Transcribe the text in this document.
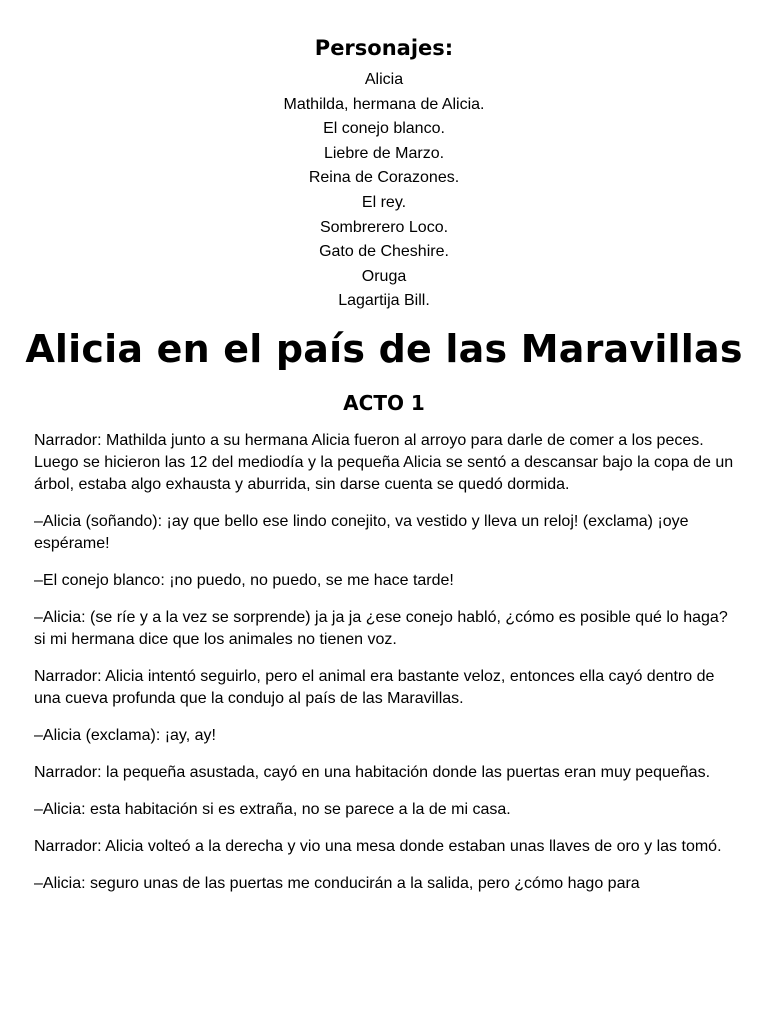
Personajes:
Alicia
Mathilda, hermana de Alicia.
El conejo blanco.
Liebre de Marzo.
Reina de Corazones.
El rey.
Sombrerero Loco.
Gato de Cheshire.
Oruga
Lagartija Bill.
Alicia en el país de las Maravillas
ACTO 1

Narrador: Mathilda junto a su hermana Alicia fueron al arroyo para darle de comer a los peces. Luego se hicieron las 12 del mediodía y la pequeña Alicia se sentó a descansar bajo la copa de un árbol, estaba algo exhausta y aburrida, sin darse cuenta se quedó dormida.

–Alicia (soñando): ¡ay que bello ese lindo conejito, va vestido y lleva un reloj! (exclama) ¡oye espérame!

–El conejo blanco: ¡no puedo, no puedo, se me hace tarde!

–Alicia: (se ríe y a la vez se sorprende) ja ja ja ¿ese conejo habló, ¿cómo es posible qué lo haga? si mi hermana dice que los animales no tienen voz.

Narrador: Alicia intentó seguirlo, pero el animal era bastante veloz, entonces ella cayó dentro de una cueva profunda que la condujo al país de las Maravillas.

–Alicia (exclama): ¡ay, ay!

Narrador: la pequeña asustada, cayó en una habitación donde las puertas eran muy pequeñas.

–Alicia: esta habitación si es extraña, no se parece a la de mi casa.

Narrador: Alicia volteó a la derecha y vio una mesa donde estaban unas llaves de oro y las tomó.

–Alicia: seguro unas de las puertas me conducirán a la salida, pero ¿cómo hago para
